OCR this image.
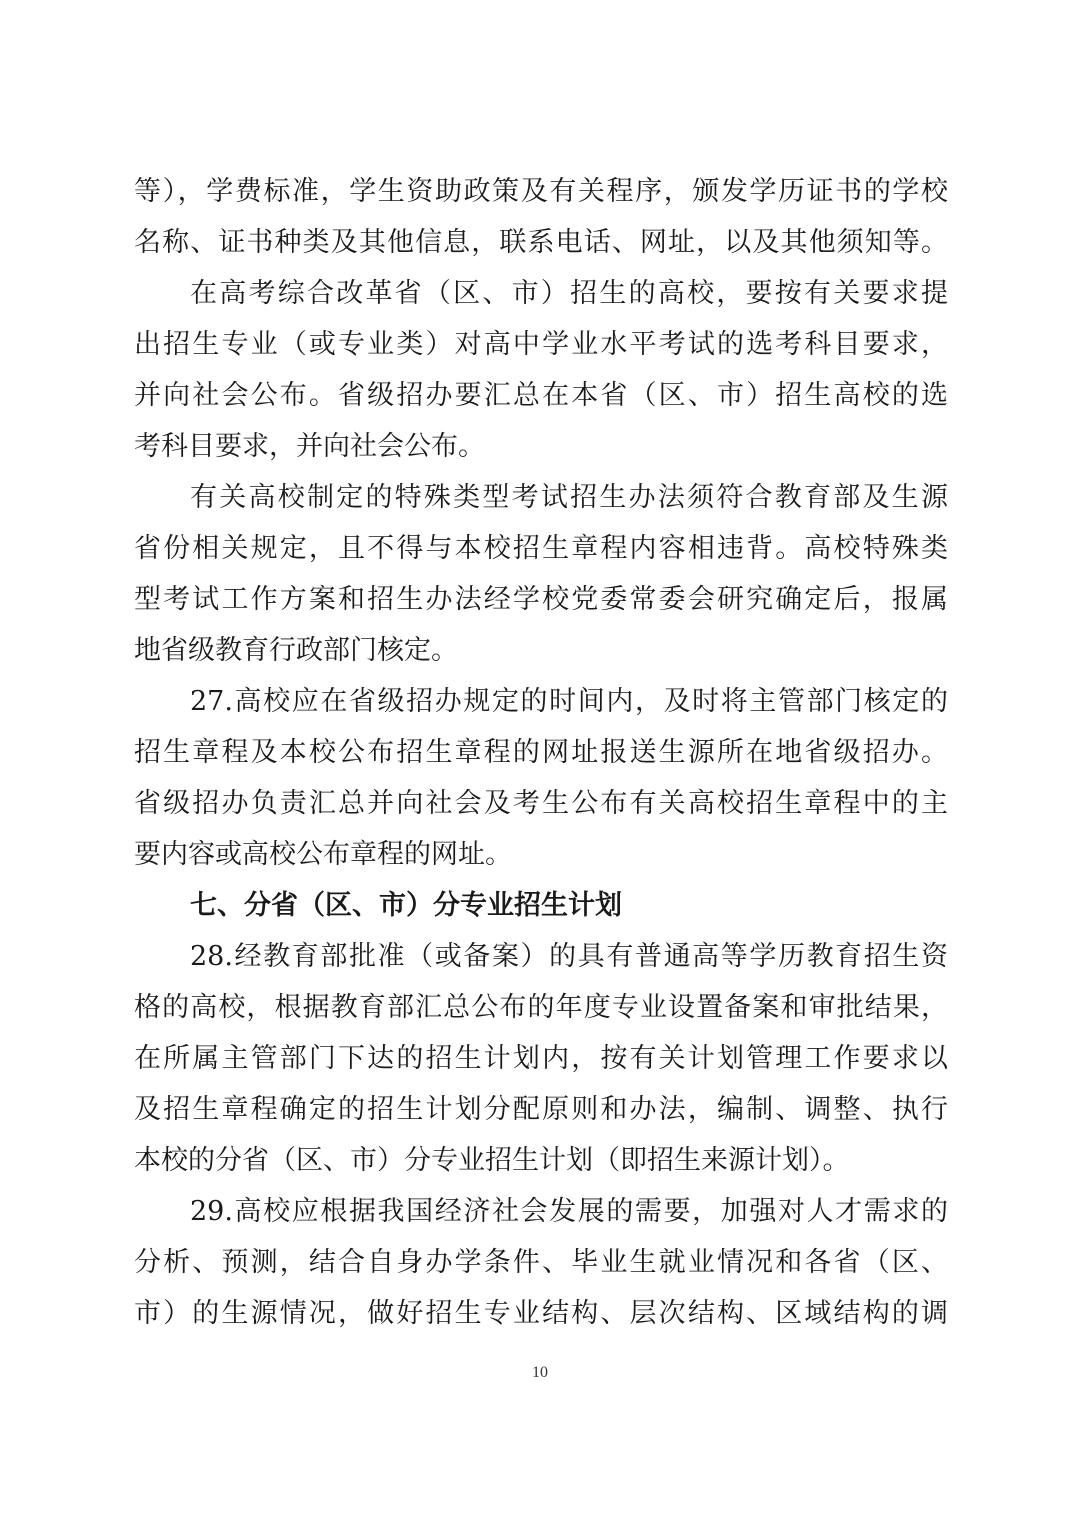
等），学费标准，学生资助政策及有关程序，颁发学历证书的学校
名称、证书种类及其他信息，联系电话、网址，以及其他须知等。
在高考综合改革省（区、市）招生的高校，要按有关要求提
出招生专业（或专业类）对高中学业水平考试的选考科目要求，
并向社会公布。省级招办要汇总在本省（区、市）招生高校的选
考科目要求，并向社会公布。
有关高校制定的特殊类型考试招生办法须符合教育部及生源
省份相关规定，且不得与本校招生章程内容相违背。高校特殊类
型考试工作方案和招生办法经学校党委常委会研究确定后，报属
地省级教育行政部门核定。
27.高校应在省级招办规定的时间内，及时将主管部门核定的
招生章程及本校公布招生章程的网址报送生源所在地省级招办。
省级招办负责汇总并向社会及考生公布有关高校招生章程中的主
要内容或高校公布章程的网址。
七、分省（区、市）分专业招生计划
28.经教育部批准（或备案）的具有普通高等学历教育招生资
格的高校，根据教育部汇总公布的年度专业设置备案和审批结果，
在所属主管部门下达的招生计划内，按有关计划管理工作要求以
及招生章程确定的招生计划分配原则和办法，编制、调整、执行
本校的分省（区、市）分专业招生计划（即招生来源计划）。
29.高校应根据我国经济社会发展的需要，加强对人才需求的
分析、预测，结合自身办学条件、毕业生就业情况和各省（区、
市）的生源情况，做好招生专业结构、层次结构、区域结构的调
10
